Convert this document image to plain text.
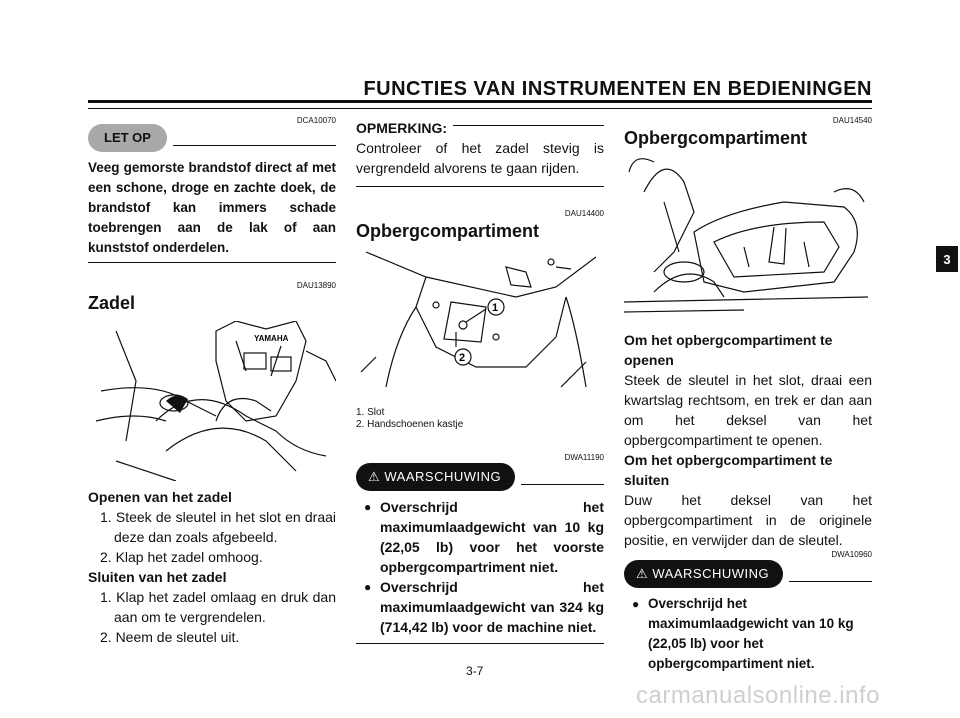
FUNCTIES VAN INSTRUMENTEN EN BEDIENINGEN
DCA10070
LET OP
Veeg gemorste brandstof direct af met een schone, droge en zachte doek, de brandstof kan immers schade toebrengen aan de lak of aan kunststof onderdelen.
DAU13890
Zadel
YAMAHA
Openen van het zadel
1. Steek de sleutel in het slot en draai deze dan zoals afgebeeld.
2. Klap het zadel omhoog.
Sluiten van het zadel
1. Klap het zadel omlaag en druk dan aan om te vergrendelen.
2. Neem de sleutel uit.
OPMERKING:
Controleer of het zadel stevig is vergrendeld alvorens te gaan rijden.
DAU14400
Opbergcompartiment
1
2
1. Slot
2. Handschoenen kastje
DWA11190
⚠  WAARSCHUWING
● Overschrijd het maximumlaadgewicht van 10 kg (22,05 lb) voor het voorste opbergcompartriment niet.
● Overschrijd het maximumlaadgewicht van 324 kg (714,42 lb) voor de machine niet.
DAU14540
Opbergcompartiment
Om het opbergcompartiment te openen
Steek de sleutel in het slot, draai een kwartslag rechtsom, en trek er dan aan om het deksel van het opbergcompartiment te openen.
Om het opbergcompartiment te sluiten
Duw het deksel van het opbergcompartiment in de originele positie, en verwijder dan de sleutel.
DWA10960
⚠  WAARSCHUWING
● Overschrijd het maximumlaadgewicht van 10 kg (22,05 lb) voor het opbergcompartiment niet.
3
3-7
carmanualsonline.info
